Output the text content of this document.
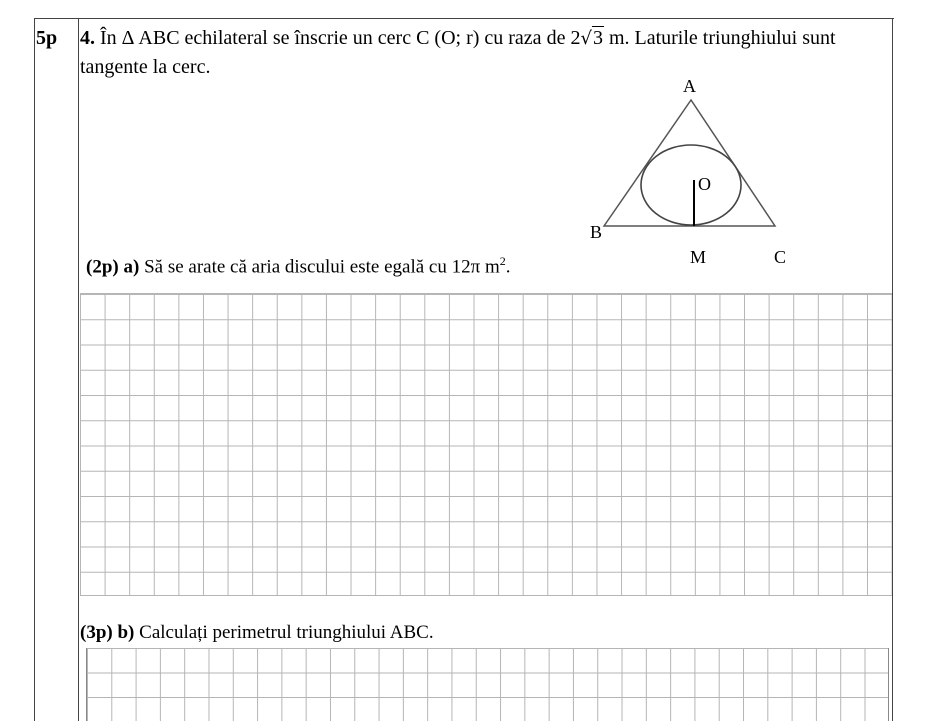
5p 4. În Δ ABC echilateral se înscrie un cerc C (O; r) cu raza de 2√3 m. Laturile triunghiului sunt tangente la cerc.

A
B
O
M	C
(2p) a) Să se arate că aria discului este egală cu 12π $m^2$.
(3p) b) Calculați perimetrul triunghiului ABC.
